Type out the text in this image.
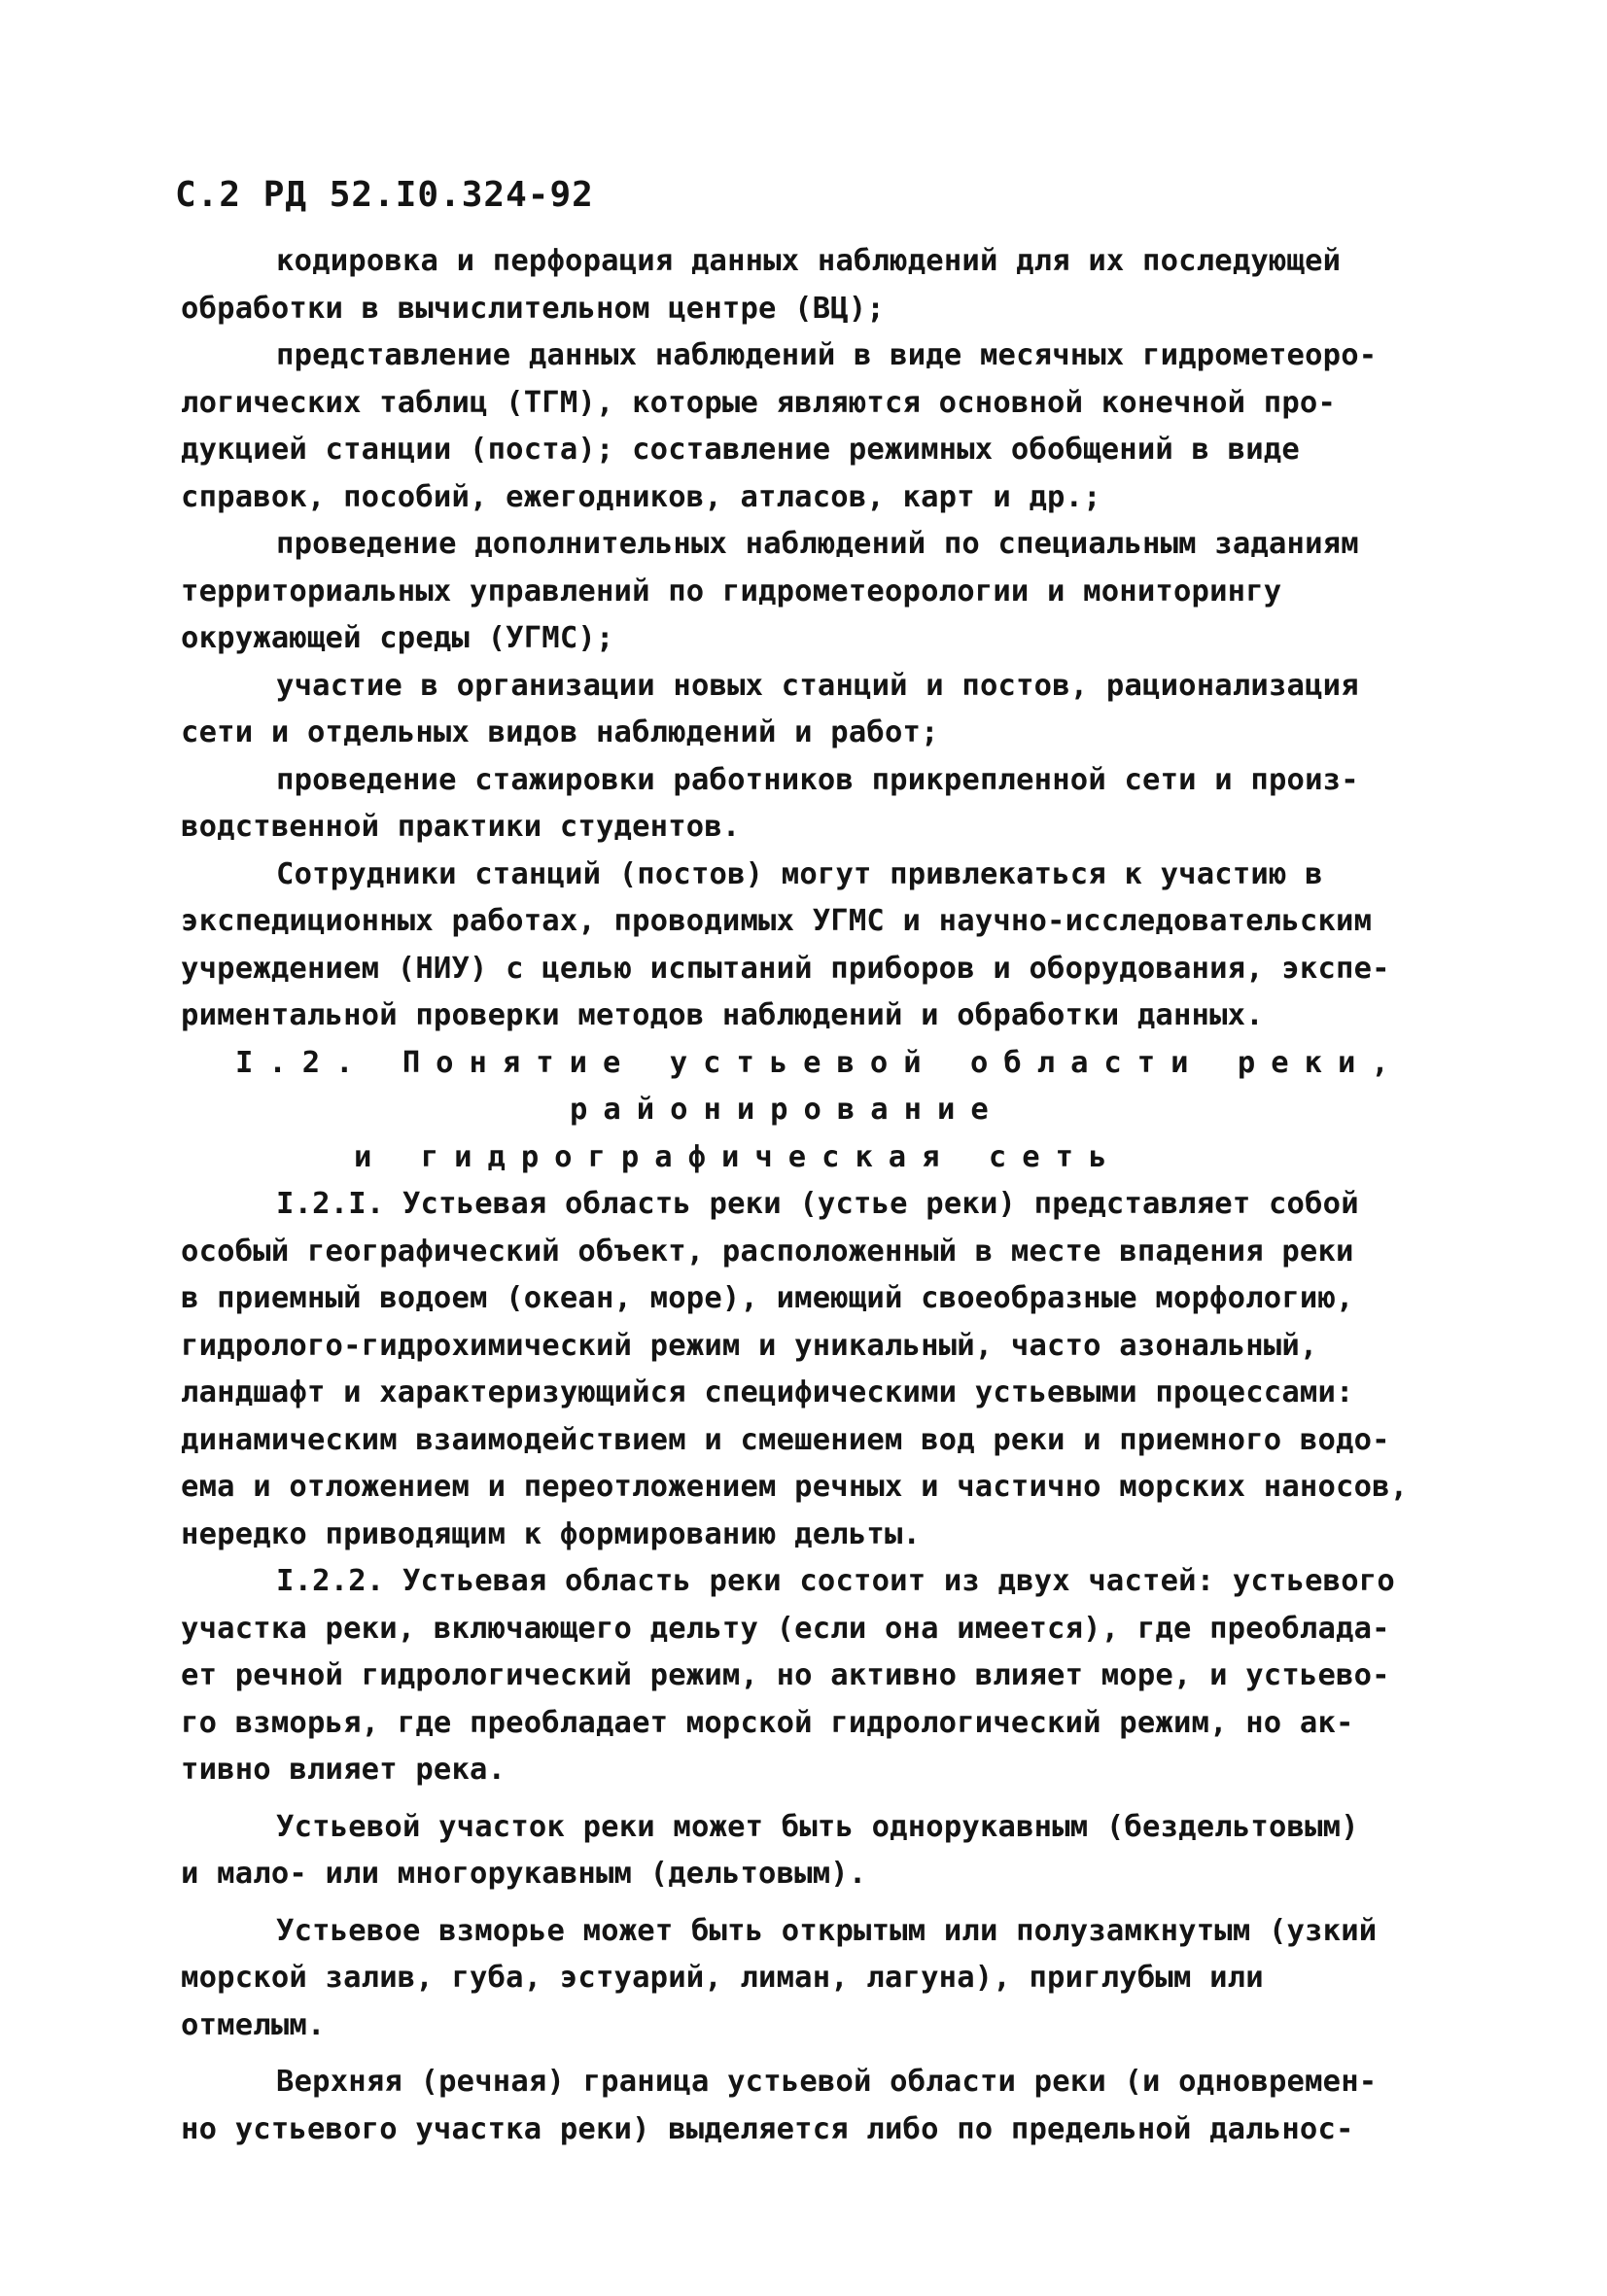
С.2 РД 52.I0.324-92
кодировка и перфорация данных наблюдений для их последующей
обработки в вычислительном центре (ВЦ);
представление данных наблюдений в виде месячных гидрометеоро-
логических таблиц (ТГМ), которые являются основной конечной про-
дукцией станции (поста); составление режимных обобщений в виде
справок, пособий, ежегодников, атласов, карт и др.;
проведение дополнительных наблюдений по специальным заданиям
территориальных управлений по гидрометеорологии и мониторингу
окружающей среды (УГМС);
участие в организации новых станций и постов, рационализация
сети и отдельных видов наблюдений и работ;
проведение стажировки работников прикрепленной сети и произ-
водственной практики студентов.
Сотрудники станций (постов) могут привлекаться к участию в
экспедиционных работах, проводимых УГМС и научно-исследовательским
учреждением (НИУ) с целью испытаний приборов и оборудования, экспе-
риментальной проверки методов наблюдений и обработки данных.
I.2. Понятие устьевой области реки,
районирование
и гидрографическая сеть
I.2.I. Устьевая область реки (устье реки) представляет собой
особый географический объект, расположенный в месте впадения реки
в приемный водоем (океан, море), имеющий своеобразные морфологию,
гидролого-гидрохимический режим и уникальный, часто азональный,
ландшафт и характеризующийся специфическими устьевыми процессами:
динамическим взаимодействием и смешением вод реки и приемного водо-
ема и отложением и переотложением речных и частично морских наносов,
нередко приводящим к формированию дельты.
I.2.2. Устьевая область реки состоит из двух частей: устьевого
участка реки, включающего дельту (если она имеется), где преоблада-
ет речной гидрологический режим, но активно влияет море, и устьево-
го взморья, где преобладает морской гидрологический режим, но ак-
тивно влияет река.
Устьевой участок реки может быть однорукавным (бездельтовым)
и мало- или многорукавным (дельтовым).
Устьевое взморье может быть открытым или полузамкнутым (узкий
морской залив, губа, эстуарий, лиман, лагуна), приглубым или
отмелым.
Верхняя (речная) граница устьевой области реки (и одновремен-
но устьевого участка реки) выделяется либо по предельной дальнос-
